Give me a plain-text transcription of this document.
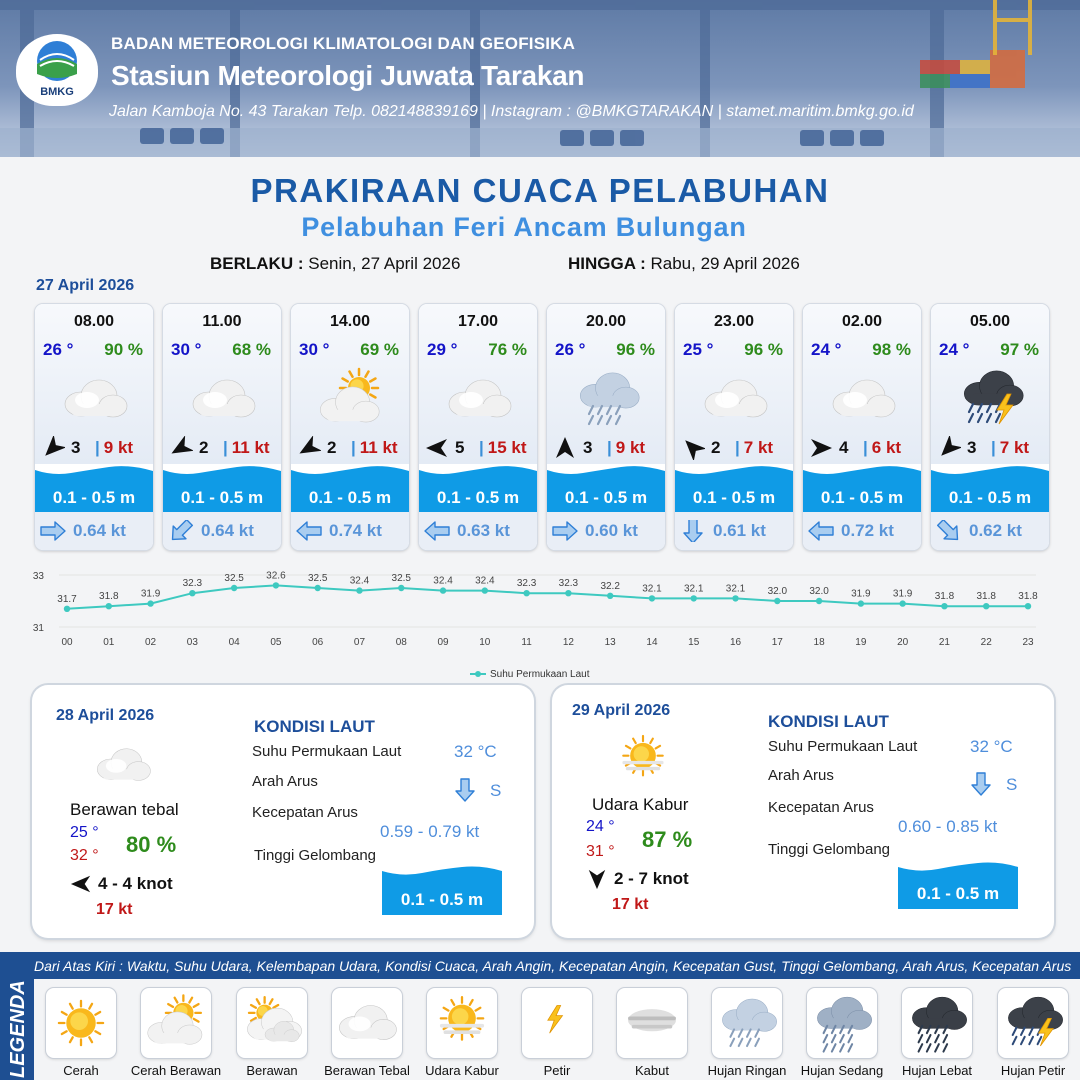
BMKG
BADAN METEOROLOGI KLIMATOLOGI DAN GEOFISIKA
Stasiun Meteorologi Juwata Tarakan
Jalan Kamboja No. 43 Tarakan Telp. 082148839169 | Instagram : @BMKGTARAKAN | stamet.maritim.bmkg.go.id
PRAKIRAAN CUACA PELABUHAN
Pelabuhan Feri Ancam Bulungan
BERLAKU : Senin, 27 April 2026	HINGGA : Rabu, 29 April 2026
27 April 2026
08.00
26 ° 90 %
3 | 9 kt
0.1 - 0.5 m
0.64 kt
11.00
30 ° 68 %
2 | 11 kt
0.1 - 0.5 m
0.64 kt
14.00
30 ° 69 %
2 | 11 kt
0.1 - 0.5 m
0.74 kt
17.00
29 ° 76 %
5 | 15 kt
0.1 - 0.5 m
0.63 kt
20.00
26 ° 96 %
3 | 9 kt
0.1 - 0.5 m
0.60 kt
23.00
25 ° 96 %
2 | 7 kt
0.1 - 0.5 m
0.61 kt
02.00
24 ° 98 %
4 | 6 kt
0.1 - 0.5 m
0.72 kt
05.00
24 ° 97 %
3 | 7 kt
0.1 - 0.5 m
0.62 kt
31
33
31.7
00
31.8
01
31.9
02
32.3
03
32.5
04
32.6
05
32.5
06
32.4
07
32.5
08
32.4
09
32.4
10
32.3
11
32.3
12
32.2
13
32.1
14
32.1
15
32.1
16
32.0
17
32.0
18
31.9
19
31.9
20
31.8
21
31.8
22
31.8
23
Suhu Permukaan Laut
28 April 2026
Berawan tebal
25 °
32 ° 80 %
4 - 4 knot
17 kt
KONDISI LAUT
Suhu Permukaan Laut	32 °C
Arah Arus	S
Kecepatan Arus
0.59 - 0.79 kt
Tinggi Gelombang
0.1 - 0.5 m
29 April 2026
Udara Kabur
24 °
31 ° 87 %
2 - 7 knot
17 kt
KONDISI LAUT
Suhu Permukaan Laut	32 °C
Arah Arus	S
Kecepatan Arus
0.60 - 0.85 kt
Tinggi Gelombang
0.1 - 0.5 m
LEGENDA
Dari Atas Kiri : Waktu, Suhu Udara, Kelembapan Udara, Kondisi Cuaca, Arah Angin, Kecepatan Angin, Kecepatan Gust, Tinggi Gelombang, Arah Arus, Kecepatan Arus
Cerah	Cerah Berawan	Berawan	Berawan Tebal	Udara Kabur	Petir	Kabut	Hujan Ringan	Hujan Sedang	Hujan Lebat	Hujan Petir
